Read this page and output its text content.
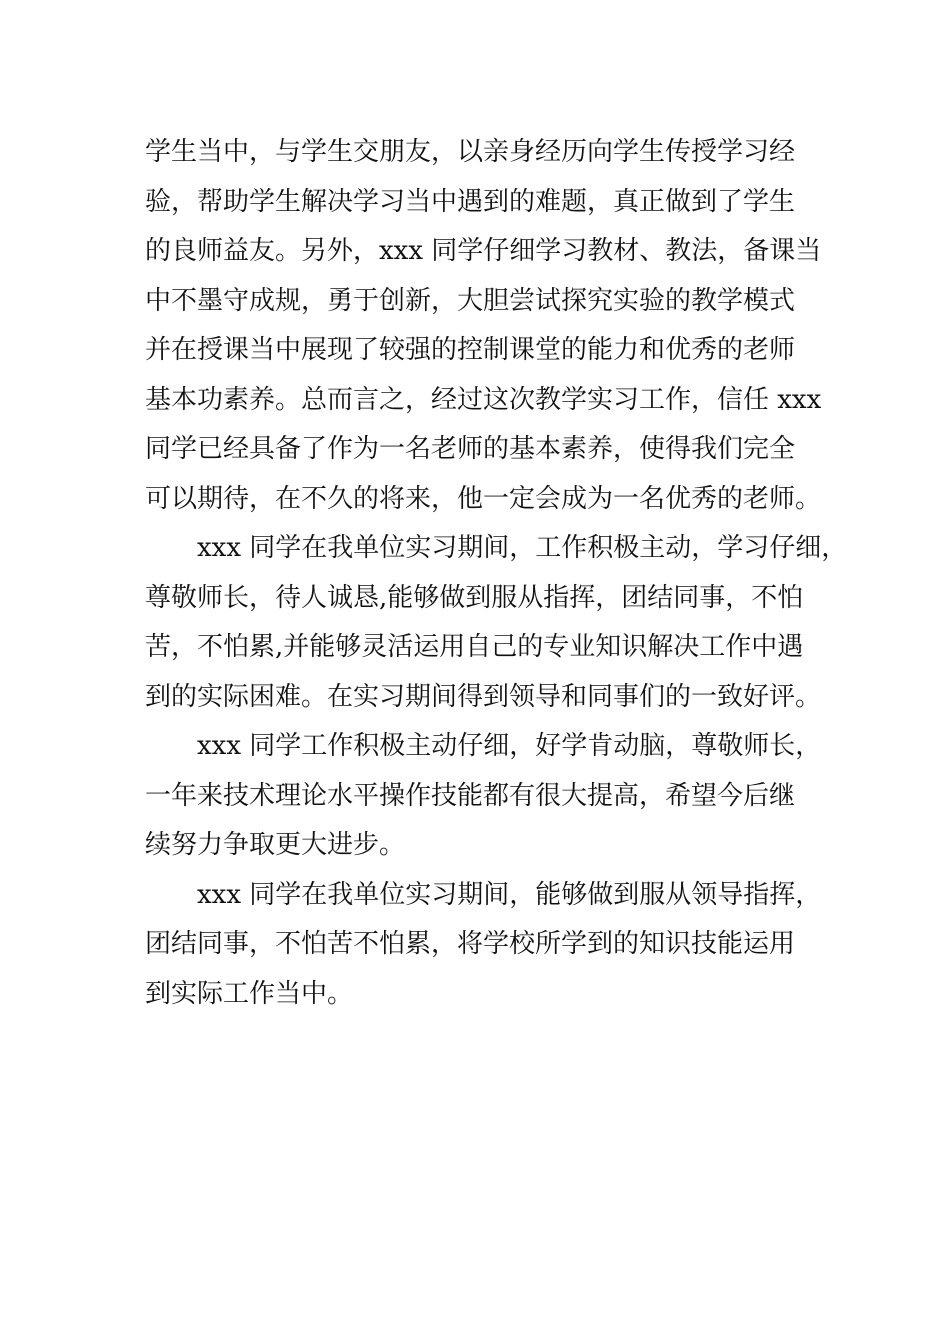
学生当中，与学生交朋友，以亲身经历向学生传授学习经
验，帮助学生解决学习当中遇到的难题，真正做到了学生
的良师益友。另外，xxx 同学仔细学习教材、教法，备课当
中不墨守成规，勇于创新，大胆尝试探究实验的教学模式
并在授课当中展现了较强的控制课堂的能力和优秀的老师
基本功素养。总而言之，经过这次教学实习工作，信任 xxx
同学已经具备了作为一名老师的基本素养，使得我们完全
可以期待，在不久的将来，他一定会成为一名优秀的老师。
xxx 同学在我单位实习期间，工作积极主动，学习仔细，
尊敬师长，待人诚恳,能够做到服从指挥，团结同事，不怕
苦，不怕累,并能够灵活运用自己的专业知识解决工作中遇
到的实际困难。在实习期间得到领导和同事们的一致好评。
xxx 同学工作积极主动仔细，好学肯动脑，尊敬师长，
一年来技术理论水平操作技能都有很大提高，希望今后继
续努力争取更大进步。
xxx 同学在我单位实习期间，能够做到服从领导指挥，
团结同事，不怕苦不怕累，将学校所学到的知识技能运用
到实际工作当中。
